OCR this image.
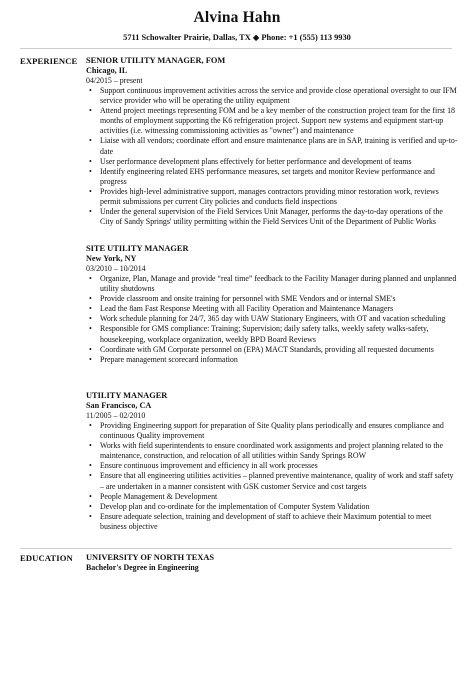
Alvina Hahn
5711 Schowalter Prairie, Dallas, TX ◆ Phone: +1 (555) 113 9930
EXPERIENCE SENIOR UTILITY MANAGER, FOM
Chicago, IL
04/2015 – present
• Support continuous improvement activities across the service and provide close operational oversight to our IFM service provider who will be operating the utility equipment
• Attend project meetings representing FOM and be a key member of the construction project team for the first 18 months of employment supporting the K6 refrigeration project. Support new systems and equipment start-up activities (i.e. witnessing commissioning activities as "owner") and maintenance
• Liaise with all vendors; coordinate effort and ensure maintenance plans are in SAP, training is verified and up-to-date
• User performance development plans effectively for better performance and development of teams
• Identify engineering related EHS performance measures, set targets and monitor Review performance and progress
• Provides high-level administrative support, manages contractors providing minor restoration work, reviews permit submissions per current City policies and conducts field inspections
• Under the general supervision of the Field Services Unit Manager, performs the day-to-day operations of the City of Sandy Springs' utility permitting within the Field Services Unit of the Department of Public Works
SITE UTILITY MANAGER
New York, NY
03/2010 – 10/2014
• Organize, Plan, Manage and provide “real time” feedback to the Facility Manager during planned and unplanned utility shutdowns
• Provide classroom and onsite training for personnel with SME Vendors and or internal SME's
• Lead the 8am Fast Response Meeting with all Facility Operation and Maintenance Managers
• Work schedule planning for 24/7, 365 day with UAW Stationary Engineers, with OT and vacation scheduling
• Responsible for GMS compliance: Training; Supervision; daily safety talks, weekly safety walks-safety, housekeeping, workplace organization, weekly BPD Board Reviews
• Coordinate with GM Corporate personnel on (EPA) MACT Standards, providing all requested documents
• Prepare management scorecard information
UTILITY MANAGER
San Francisco, CA
11/2005 – 02/2010
• Providing Engineering support for preparation of Site Quality plans periodically and ensures compliance and continuous Quality improvement
• Works with field superintendents to ensure coordinated work assignments and project planning related to the maintenance, construction, and relocation of all utilities within Sandy Springs ROW
• Ensure continuous improvement and efficiency in all work processes
• Ensure that all engineering utilities activities – planned preventive maintenance, quality of work and staff safety – are undertaken in a manner consistent with GSK customer Service and cost targets
• People Management & Development
• Develop plan and co-ordinate for the implementation of Computer System Validation
• Ensure adequate selection, training and development of staff to achieve their Maximum potential to meet business objective
EDUCATION UNIVERSITY OF NORTH TEXAS
Bachelor's Degree in Engineering
